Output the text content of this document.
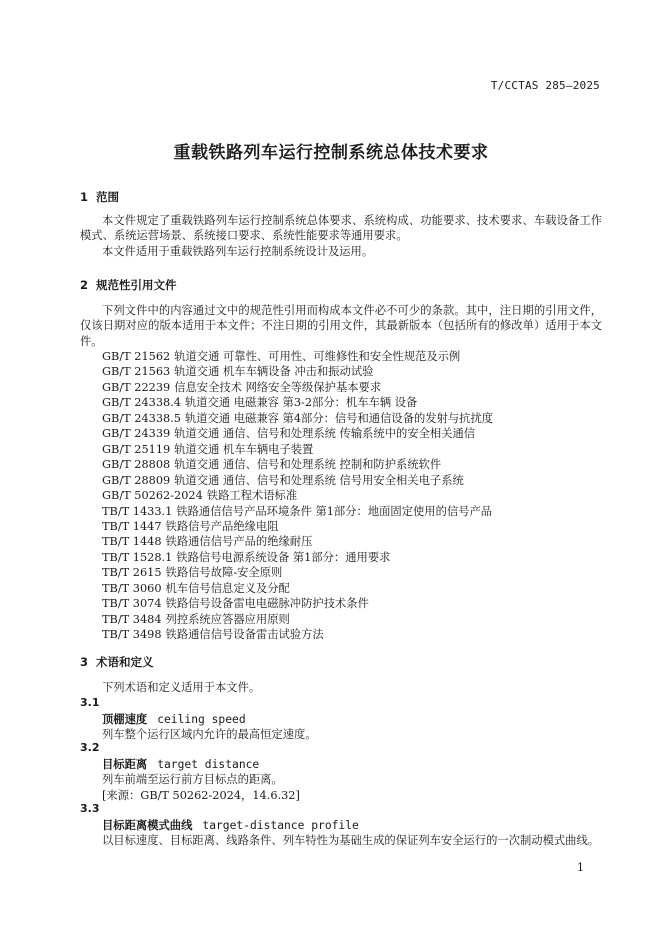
T/CCTAS 285—2025
重载铁路列车运行控制系统总体技术要求
1 范围
本文件规定了重载铁路列车运行控制系统总体要求、系统构成、功能要求、技术要求、车载设备工作模式、系统运营场景、系统接口要求、系统性能要求等通用要求。
本文件适用于重载铁路列车运行控制系统设计及运用。
2 规范性引用文件
下列文件中的内容通过文中的规范性引用而构成本文件必不可少的条款。其中，注日期的引用文件，仅该日期对应的版本适用于本文件；不注日期的引用文件，其最新版本（包括所有的修改单）适用于本文件。
GB/T 21562 轨道交通 可靠性、可用性、可维修性和安全性规范及示例
GB/T 21563 轨道交通 机车车辆设备 冲击和振动试验
GB/T 22239 信息安全技术 网络安全等级保护基本要求
GB/T 24338.4 轨道交通 电磁兼容 第3-2部分：机车车辆 设备
GB/T 24338.5 轨道交通 电磁兼容 第4部分：信号和通信设备的发射与抗扰度
GB/T 24339 轨道交通 通信、信号和处理系统 传输系统中的安全相关通信
GB/T 25119 轨道交通 机车车辆电子装置
GB/T 28808 轨道交通 通信、信号和处理系统 控制和防护系统软件
GB/T 28809 轨道交通 通信、信号和处理系统 信号用安全相关电子系统
GB/T 50262-2024 铁路工程术语标准
TB/T 1433.1 铁路通信信号产品环境条件 第1部分：地面固定使用的信号产品
TB/T 1447 铁路信号产品绝缘电阻
TB/T 1448 铁路通信信号产品的绝缘耐压
TB/T 1528.1 铁路信号电源系统设备 第1部分：通用要求
TB/T 2615 铁路信号故障-安全原则
TB/T 3060 机车信号信息定义及分配
TB/T 3074 铁路信号设备雷电电磁脉冲防护技术条件
TB/T 3484 列控系统应答器应用原则
TB/T 3498 铁路通信信号设备雷击试验方法
3 术语和定义
下列术语和定义适用于本文件。
3.1
顶棚速度 ceiling speed
列车整个运行区域内允许的最高恒定速度。
3.2
目标距离 target distance
列车前端至运行前方目标点的距离。
[来源：GB/T 50262-2024，14.6.32]
3.3
目标距离模式曲线 target-distance profile
以目标速度、目标距离、线路条件、列车特性为基础生成的保证列车安全运行的一次制动模式曲线。
1
